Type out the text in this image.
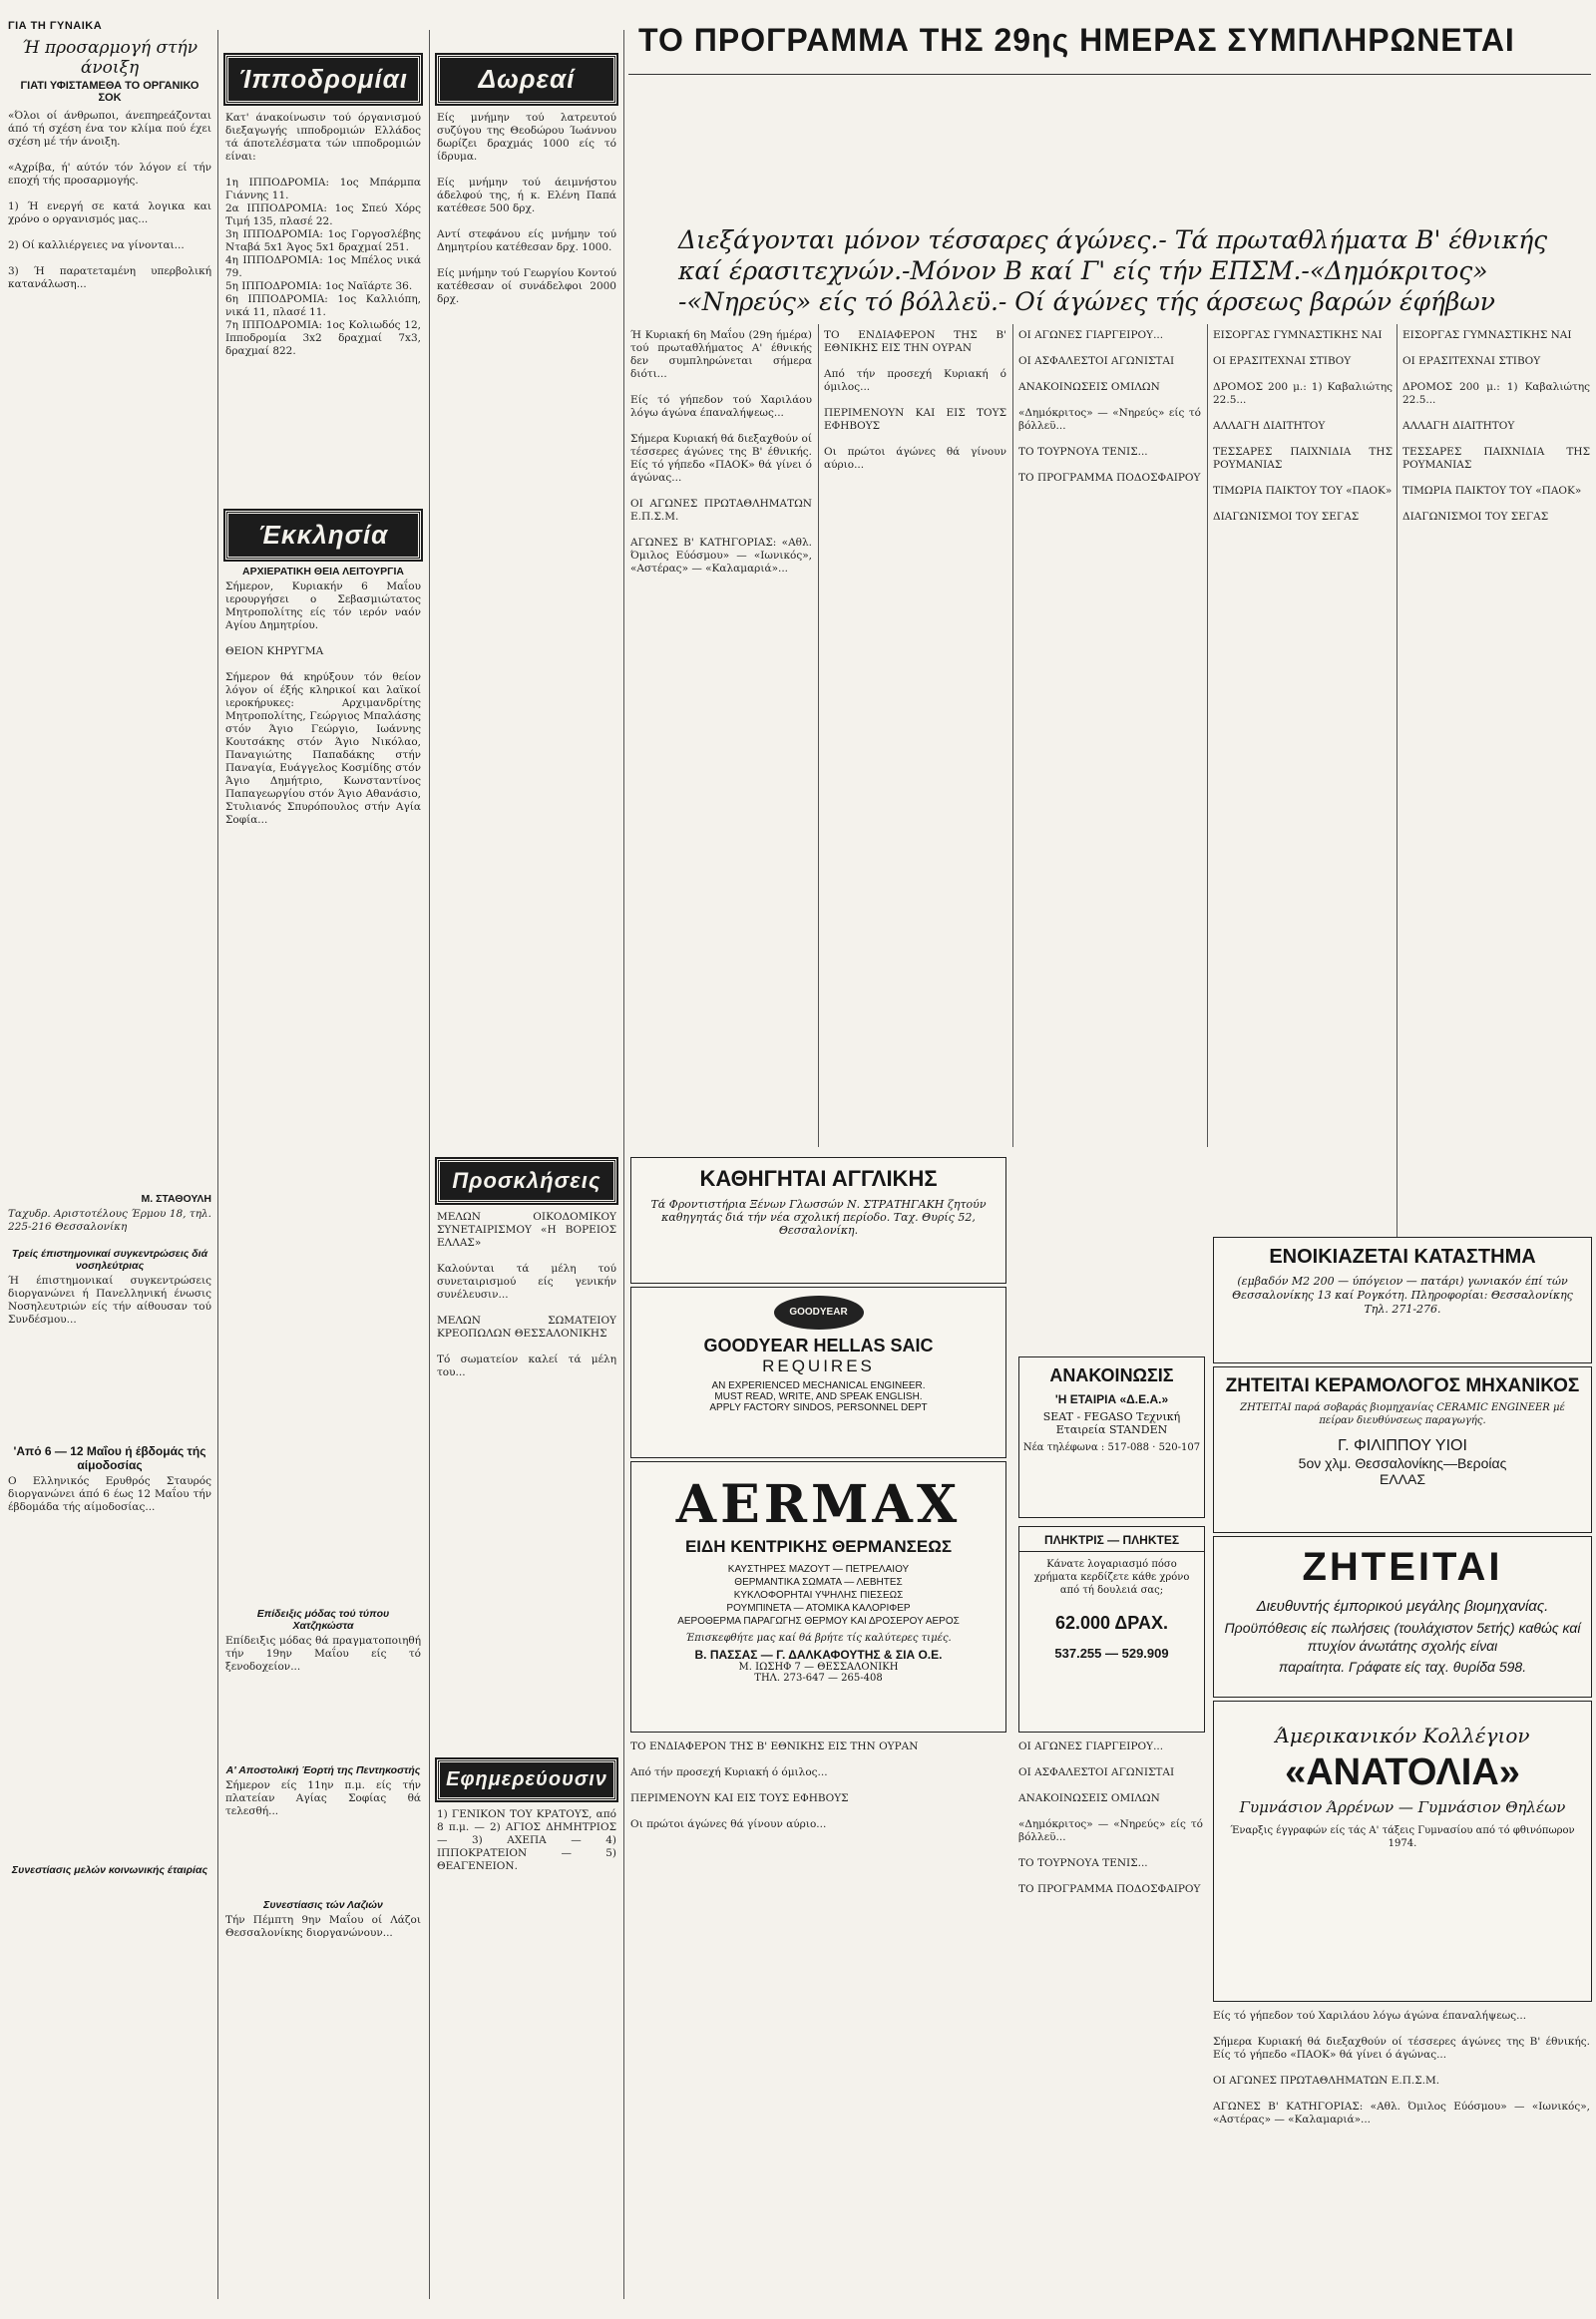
ΓΙΑ ΤΗ ΓΥΝΑΙΚΑ
Ή προσαρμογή στήν άνοιξη
ΓΙΑΤΙ ΥΦΙΣΤΑΜΕΘΑ ΤΟ ΟΡΓΑΝΙΚΟ ΣΟΚ
«Όλοι οί άνθρωποι, άνεπηρεάζονται άπό τή σχέση ένα τον κλίμα πού έχει σχέση μέ τήν άνοιξη.

«Αχρίβα, ή' αύτόν τόν λόγον εί τήν εποχή τής προσαρμογής.

1) Ή ενεργή σε κατά λογικα και χρόνο ο οργανισμός μας...

2) Οί καλλιέργειες να γίνονται...

3) Ή παρατεταμένη υπερβολική κατανάλωση...
Μ. ΣΤΑΘΟΥΛΗ
Ταχυδρ. Αριστοτέλους Έρμου 18, τηλ. 225-216 Θεσσαλονίκη
Τρείς έπιστημονικαί συγκεντρώσεις διά νοσηλεύτριας
Ή έπιστημονικαί συγκεντρώσεις διοργανώνει ή Πανελληνική ένωσις Νοσηλευτριών είς τήν αίθουσαν τού Συνδέσμου...
'Από 6 — 12 Μαΐου ή έβδομάς τής αίμοδοσίας
Ο Ελληνικός Ερυθρός Σταυρός διοργανώνει άπό 6 έως 12 Μαΐου τήν έβδομάδα τής αίμοδοσίας...
Συνεστίασις μελών κοινωνικής έταιρίας
Ίπποδρομίαι
Κατ' άνακοίνωσιν τού όργανισμού διεξαγωγής ιπποδρομιών Ελλάδος τά άποτελέσματα τών ιπποδρομιών είναι:

1η ΙΠΠΟΔΡΟΜΙΑ: 1ος Μπάρμπα Γιάννης 11.
2α ΙΠΠΟΔΡΟΜΙΑ: 1ος Σπεύ Χόρς Τιμή 135, πλασέ 22.
3η ΙΠΠΟΔΡΟΜΙΑ: 1ος Γοργοσλέβης Νταβά 5x1 Άγος 5x1 δραχμαί 251.
4η ΙΠΠΟΔΡΟΜΙΑ: 1ος Μπέλος νικά 79.
5η ΙΠΠΟΔΡΟΜΙΑ: 1ος Ναϊάρτε 36.
6η ΙΠΠΟΔΡΟΜΙΑ: 1ος Καλλιόπη, νικά 11, πλασέ 11.
7η ΙΠΠΟΔΡΟΜΙΑ: 1ος Κολιωδός 12, Ιπποδρομία 3x2 δραχμαί 7x3, δραχμαί 822.
Έκκλησία
ΑΡΧΙΕΡΑΤΙΚΗ ΘΕΙΑ ΛΕΙΤΟΥΡΓΙΑ
Σήμερον, Κυριακήν 6 Μαΐου ιερουργήσει ο Σεβασμιώτατος Μητροπολίτης είς τόν ιερόν ναόν Αγίου Δημητρίου.

ΘΕΙΟΝ ΚΗΡΥΓΜΑ

Σήμερον θά κηρύξουν τόν θείον λόγον οί έξής κληρικοί και λαϊκοί ιεροκήρυκες: Αρχιμανδρίτης Μητροπολίτης, Γεώργιος Μπαλάσης στόν Άγιο Γεώργιο, Ιωάννης Κουτσάκης στόν Άγιο Νικόλαο, Παναγιώτης Παπαδάκης στήν Παναγία, Ευάγγελος Κοσμίδης στόν Άγιο Δημήτριο, Κωνσταντίνος Παπαγεωργίου στόν Άγιο Αθανάσιο, Στυλιανός Σπυρόπουλος στήν Αγία Σοφία...
Επίδειξις μόδας τού τύπου Χατζηκώστα
Επίδειξις μόδας θά πραγματοποιηθή τήν 19ην Μαΐου είς τό ξενοδοχείον...
Α' Αποστολική Έορτή της Πεντηκοστής
Σήμερον είς 11ην π.μ. είς τήν πλατείαν Αγίας Σοφίας θά τελεσθή...
Συνεστίασις τών Λαζιών
Τήν Πέμπτη 9ην Μαΐου οί Λάζοι Θεσσαλονίκης διοργανώνουν...
Δωρεαί
Είς μνήμην τού λατρευτού συζύγου της Θεοδώρου Ίωάννου δωρίζει δραχμάς 1000 είς τό ίδρυμα.

Είς μνήμην τού άειμνήστου άδελφού της, ή κ. Ελένη Παπά κατέθεσε 500 δρχ.

Αντί στεφάνου είς μνήμην τού Δημητρίου κατέθεσαν δρχ. 1000.

Είς μνήμην τού Γεωργίου Κοντού κατέθεσαν οί συνάδελφοι 2000 δρχ.
Προσκλήσεις
ΜΕΛΩΝ ΟΙΚΟΔΟΜΙΚΟΥ ΣΥΝΕΤΑΙΡΙΣΜΟΥ «Η ΒΟΡΕΙΟΣ ΕΛΛΑΣ»

Καλούνται τά μέλη τού συνεταιρισμού είς γενικήν συνέλευσιν...

ΜΕΛΩΝ ΣΩΜΑΤΕΙΟΥ ΚΡΕΟΠΩΛΩΝ ΘΕΣΣΑΛΟΝΙΚΗΣ

Τό σωματείον καλεί τά μέλη του...
Εφημερεύουσιν
1) ΓΕΝΙΚΟΝ ΤΟΥ ΚΡΑΤΟΥΣ, από 8 π.μ. — 2) ΑΓΙΟΣ ΔΗΜΗΤΡΙΟΣ — 3) ΑΧΕΠΑ — 4) ΙΠΠΟΚΡΑΤΕΙΟΝ — 5) ΘΕΑΓΕΝΕΙΟΝ.
ΤΟ ΠΡΟΓΡΑΜΜΑ ΤΗΣ 29ης ΗΜΕΡΑΣ ΣΥΜΠΛΗΡΩΝΕΤΑΙ
Διεξάγονται μόνον τέσσαρες άγώνες.- Τά πρωταθλήματα Β' έθνικής καί έρασιτεχνών.-Μόνον Β καί Γ' είς τήν ΕΠΣΜ.-«Δημόκριτος» -«Νηρεύς» είς τό βόλλεϋ.- Οί άγώνες τής άρσεως βαρών έφήβων
Ή Κυριακή 6η Μαΐου (29η ήμέρα) τού πρωταθλήματος Α' έθνικής δεν συμπληρώνεται σήμερα διότι...

Είς τό γήπεδον τού Χαριλάου λόγω άγώνα έπαναλήψεως...

Σήμερα Κυριακή θά διεξαχθούν οί τέσσερες άγώνες της Β' έθνικής. Είς τό γήπεδο «ΠΑΟΚ» θά γίνει ό άγώνας...

ΟΙ ΑΓΩΝΕΣ ΠΡΩΤΑΘΛΗΜΑΤΩΝ Ε.Π.Σ.Μ.

ΑΓΩΝΕΣ Β' ΚΑΤΗΓΟΡΙΑΣ: «Αθλ. Όμιλος Εύόσμου» — «Ιωνικός», «Αστέρας» — «Καλαμαριά»...
ΤΟ ΕΝΔΙΑΦΕΡΟΝ ΤΗΣ Β' ΕΘΝΙΚΗΣ ΕΙΣ ΤΗΝ ΟΥΡΑΝ

Από τήν προσεχή Κυριακή ό όμιλος...

ΠΕΡΙΜΕΝΟΥΝ ΚΑΙ ΕΙΣ ΤΟΥΣ ΕΦΗΒΟΥΣ

Οι πρώτοι άγώνες θά γίνουν αύριο...
ΟΙ ΑΓΩΝΕΣ ΓΙΑΡΓΕΙΡΟΥ...

ΟΙ ΑΣΦΑΛΕΣΤΟΙ ΑΓΩΝΙΣΤΑΙ

ΑΝΑΚΟΙΝΩΣΕΙΣ ΟΜΙΛΩΝ

«Δημόκριτος» — «Νηρεύς» είς τό βόλλεϋ...

ΤΟ ΤΟΥΡΝΟΥΑ ΤΕΝΙΣ...

ΤΟ ΠΡΟΓΡΑΜΜΑ ΠΟΔΟΣΦΑΙΡΟΥ
ΕΙΣΟΡΓΑΣ ΓΥΜΝΑΣΤΙΚΗΣ ΝΑΙ

ΟΙ ΕΡΑΣΙΤΕΧΝΑΙ ΣΤΙΒΟΥ

ΔΡΟΜΟΣ 200 μ.: 1) Καβαλιώτης 22.5...

ΑΛΛΑΓΗ ΔΙΑΙΤΗΤΟΥ

ΤΕΣΣΑΡΕΣ ΠΑΙΧΝΙΔΙΑ ΤΗΣ ΡΟΥΜΑΝΙΑΣ

ΤΙΜΩΡΙΑ ΠΑΙΚΤΟΥ ΤΟΥ «ΠΑΟΚ»

ΔΙΑΓΩΝΙΣΜΟΙ ΤΟΥ ΣΕΓΑΣ
ΕΙΣΟΡΓΑΣ ΓΥΜΝΑΣΤΙΚΗΣ ΝΑΙ

ΟΙ ΕΡΑΣΙΤΕΧΝΑΙ ΣΤΙΒΟΥ

ΔΡΟΜΟΣ 200 μ.: 1) Καβαλιώτης 22.5...

ΑΛΛΑΓΗ ΔΙΑΙΤΗΤΟΥ

ΤΕΣΣΑΡΕΣ ΠΑΙΧΝΙΔΙΑ ΤΗΣ ΡΟΥΜΑΝΙΑΣ

ΤΙΜΩΡΙΑ ΠΑΙΚΤΟΥ ΤΟΥ «ΠΑΟΚ»

ΔΙΑΓΩΝΙΣΜΟΙ ΤΟΥ ΣΕΓΑΣ
ΚΑΘΗΓΗΤΑΙ ΑΓΓΛΙΚΗΣ
Τά Φροντιστήρια Ξένων Γλωσσών Ν. ΣΤΡΑΤΗΓΑΚΗ ζητούν καθηγητάς διά τήν νέα σχολική περίοδο. Ταχ. Θυρίς 52, Θεσσαλονίκη.
GOODYEAR
GOODYEAR HELLAS SAIC
REQUIRES
AN EXPERIENCED MECHANICAL ENGINEER.
MUST READ, WRITE, AND SPEAK ENGLISH.
APPLY FACTORY SINDOS, PERSONNEL DEPT
AERMAX
ΕΙΔΗ ΚΕΝΤΡΙΚΗΣ ΘΕΡΜΑΝΣΕΩΣ
ΚΑΥΣΤΗΡΕΣ ΜΑΖΟΥΤ — ΠΕΤΡΕΛΑΙΟΥ
ΘΕΡΜΑΝΤΙΚΑ ΣΩΜΑΤΑ — ΛΕΒΗΤΕΣ
ΚΥΚΛΟΦΟΡΗΤΑΙ ΥΨΗΛΗΣ ΠΙΕΣΕΩΣ
ΡΟΥΜΠΙΝΕΤΑ — ΑΤΟΜΙΚΑ ΚΑΛΟΡΙΦΕΡ
ΑΕΡΟΘΕΡΜΑ ΠΑΡΑΓΩΓΗΣ ΘΕΡΜΟΥ ΚΑΙ ΔΡΟΣΕΡΟΥ ΑΕΡΟΣ
Έπισκεφθήτε μας καί θά βρήτε τίς καλύτερες τιμές.
Β. ΠΑΣΣΑΣ — Γ. ΔΑΛΚΑΦΟΥΤΗΣ & ΣΙΑ Ο.Ε.
Μ. ΙΩΣΗΦ 7 — ΘΕΣΣΑΛΟΝΙΚΗ
ΤΗΛ. 273-647 — 265-408
ΑΝΑΚΟΙΝΩΣΙΣ
'Η ΕΤΑΙΡΙΑ «Δ.Ε.Α.»
SEAT - FEGASO Τεχνική Εταιρεία STANDEN
Νέα τηλέφωνα : 517-088 · 520-107
ΠΛΗΚΤΡΙΣ — ΠΛΗΚΤΕΣ
Κάνατε λογαριασμό πόσο χρήματα κερδίζετε κάθε χρόνο από τή δουλειά σας;
62.000 ΔΡΑΧ.
537.255 — 529.909
ΕΝΟΙΚΙΑΖΕΤΑΙ ΚΑΤΑΣΤΗΜΑ
(εμβαδόν Μ2 200 — ύπόγειον — πατάρι) γωνιακόν έπί τών Θεσσαλονίκης 13 καί Ρογκότη. Πληροφορίαι: Θεσσαλονίκης Τηλ. 271-276.
ΖΗΤΕΙΤΑΙ ΚΕΡΑΜΟΛΟΓΟΣ ΜΗΧΑΝΙΚΟΣ
ΖΗΤΕΙΤΑΙ παρά σοβαράς βιομηχανίας CERAMIC ENGINEER μέ πείραν διευθύνσεως παραγωγής.
Γ. ΦΙΛΙΠΠΟΥ ΥΙΟΙ
5ον χλμ. Θεσσαλονίκης—Βεροίας
ΕΛΛΑΣ
ΖΗΤΕΙΤΑΙ
Διευθυντής έμπορικού μεγάλης βιομηχανίας.
Προϋπόθεσις είς πωλήσεις (τουλάχιστον 5ετής) καθώς καί πτυχίον άνωτάτης σχολής είναι
παραίτητα. Γράφατε είς ταχ. θυρίδα 598.
Άμερικανικόν Κολλέγιον
«ΑΝΑΤΟΛΙΑ»
Γυμνάσιον Άρρένων — Γυμνάσιον Θηλέων
Έναρξις έγγραφών είς τάς Α' τάξεις Γυμνασίου από τό φθινόπωρον 1974.
ΟΙ ΑΓΩΝΕΣ ΓΙΑΡΓΕΙΡΟΥ...

ΟΙ ΑΣΦΑΛΕΣΤΟΙ ΑΓΩΝΙΣΤΑΙ

ΑΝΑΚΟΙΝΩΣΕΙΣ ΟΜΙΛΩΝ

«Δημόκριτος» — «Νηρεύς» είς τό βόλλεϋ...

ΤΟ ΤΟΥΡΝΟΥΑ ΤΕΝΙΣ...

ΤΟ ΠΡΟΓΡΑΜΜΑ ΠΟΔΟΣΦΑΙΡΟΥ
ΤΟ ΕΝΔΙΑΦΕΡΟΝ ΤΗΣ Β' ΕΘΝΙΚΗΣ ΕΙΣ ΤΗΝ ΟΥΡΑΝ

Από τήν προσεχή Κυριακή ό όμιλος...

ΠΕΡΙΜΕΝΟΥΝ ΚΑΙ ΕΙΣ ΤΟΥΣ ΕΦΗΒΟΥΣ

Οι πρώτοι άγώνες θά γίνουν αύριο...
Είς τό γήπεδον τού Χαριλάου λόγω άγώνα έπαναλήψεως...

Σήμερα Κυριακή θά διεξαχθούν οί τέσσερες άγώνες της Β' έθνικής. Είς τό γήπεδο «ΠΑΟΚ» θά γίνει ό άγώνας...

ΟΙ ΑΓΩΝΕΣ ΠΡΩΤΑΘΛΗΜΑΤΩΝ Ε.Π.Σ.Μ.

ΑΓΩΝΕΣ Β' ΚΑΤΗΓΟΡΙΑΣ: «Αθλ. Όμιλος Εύόσμου» — «Ιωνικός», «Αστέρας» — «Καλαμαριά»...
